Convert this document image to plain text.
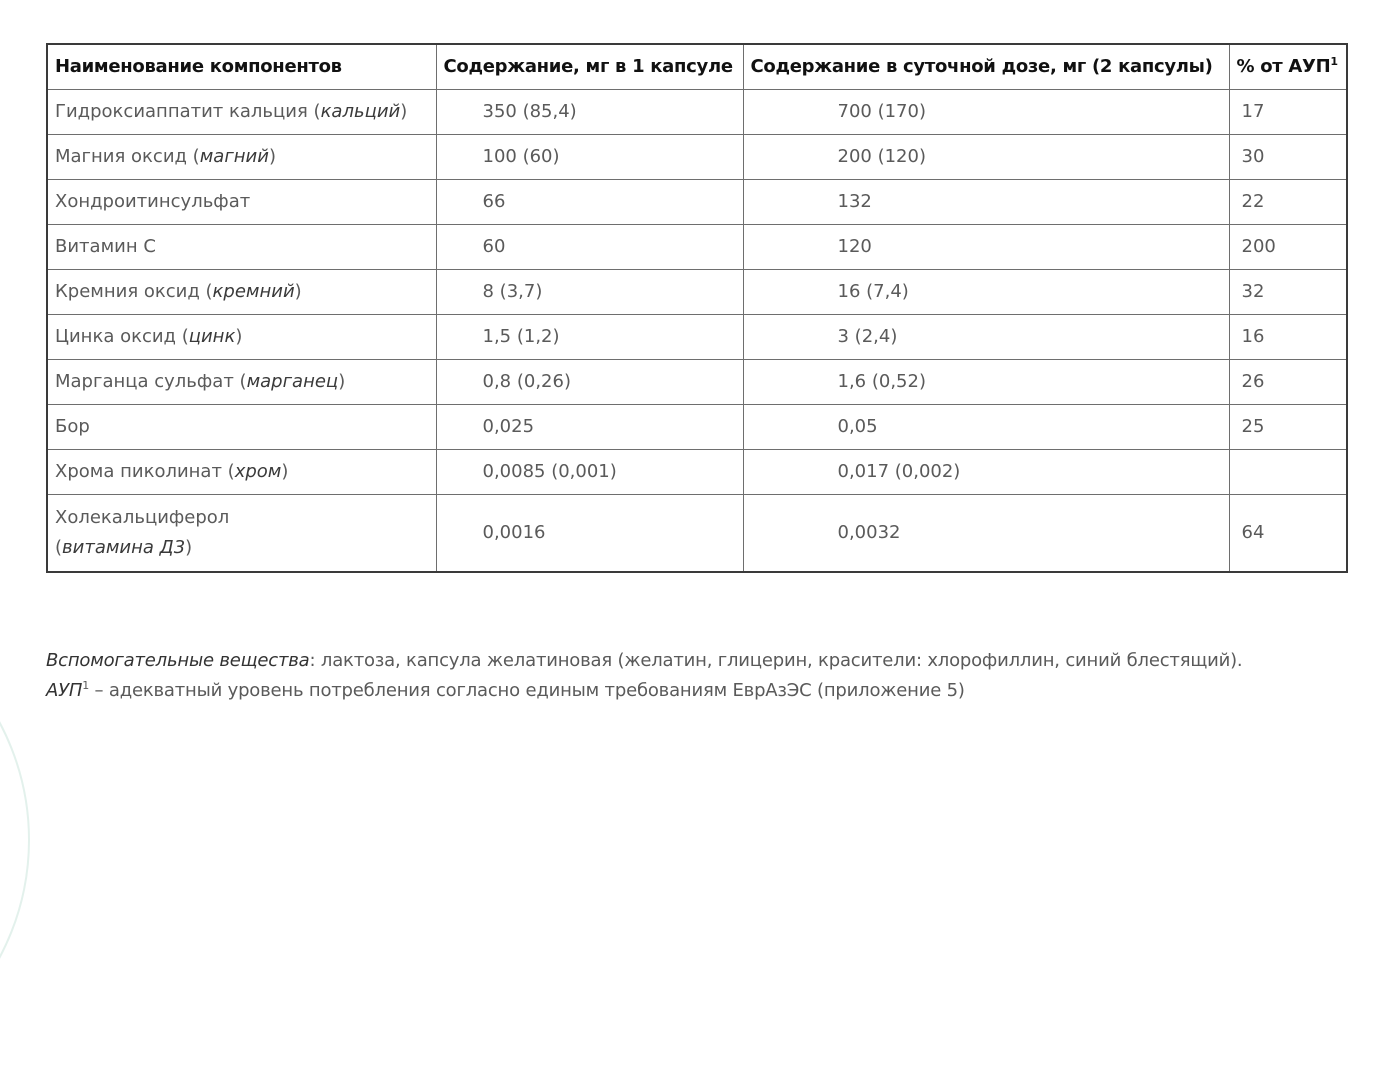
Наименование компонентов	Содержание, мг в 1 капсуле	Содержание в суточной дозе, мг (2 капсулы)	% от АУП$^1$
Гидроксиаппатит кальция (кальций)	350 (85,4)	700 (170)	17
Магния оксид (магний)	100 (60)	200 (120)	30
Хондроитинсульфат	66	132	22
Витамин С	60	120	200
Кремния оксид (кремний)	8 (3,7)	16 (7,4)	32
Цинка оксид (цинк)	1,5 (1,2)	3 (2,4)	16
Марганца сульфат (марганец)	0,8 (0,26)	1,6 (0,52)	26
Бор	0,025	0,05	25
Хрома пиколинат (хром)	0,0085 (0,001)	0,017 (0,002)	
Холекальциферол
(витамина Д3)	0,0016	0,0032	64
Вспомогательные вещества: лактоза, капсула желатиновая (желатин, глицерин, красители: хлорофиллин, синий блестящий).
АУП$^1$ – адекватный уровень потребления согласно единым требованиям ЕврАзЭС (приложение 5)
